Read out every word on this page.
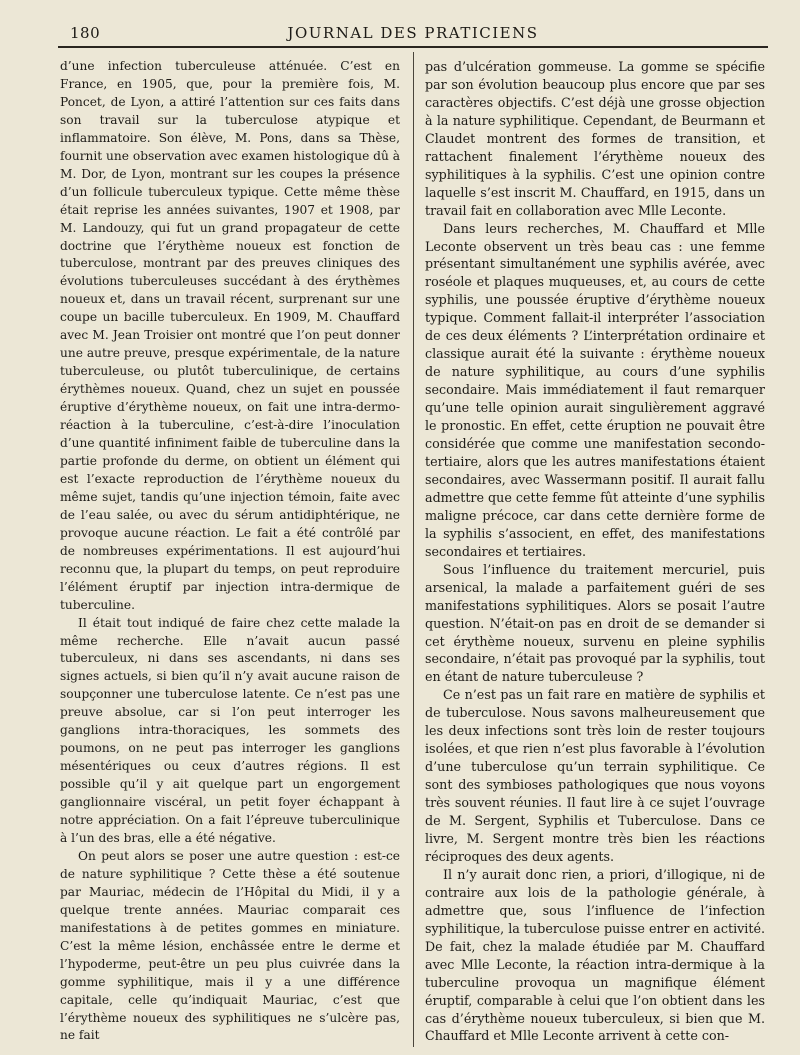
180	JOURNAL DES PRATICIENS

d’une infection tuberculeuse atténuée. C’est en France, en 1905, que, pour la première fois, M. Poncet, de Lyon, a attiré l’attention sur ces faits dans son travail sur la tuberculose atypique et inflammatoire. Son élève, M. Pons, dans sa Thèse, fournit une observation avec examen histologique dû à M. Dor, de Lyon, montrant sur les coupes la présence d’un follicule tuberculeux typique. Cette même thèse était reprise les années suivantes, 1907 et 1908, par M. Landouzy, qui fut un grand propagateur de cette doctrine que l’érythème noueux est fonction de tuberculose, montrant par des preuves cliniques des évolutions tuberculeuses succédant à des érythèmes noueux et, dans un travail récent, surprenant sur une coupe un bacille tuberculeux. En 1909, M. Chauffard avec M. Jean Troisier ont montré que l’on peut donner une autre preuve, presque expérimentale, de la nature tuberculeuse, ou plutôt tuberculinique, de certains érythèmes noueux. Quand, chez un sujet en poussée éruptive d’érythème noueux, on fait une intra-dermo-réaction à la tuberculine, c’est-à-dire l’inoculation d’une quantité infiniment faible de tuberculine dans la partie profonde du derme, on obtient un élément qui est l’exacte reproduction de l’érythème noueux du même sujet, tandis qu’une injection témoin, faite avec de l’eau salée, ou avec du sérum antidiphtérique, ne provoque aucune réaction. Le fait a été contrôlé par de nombreuses expérimentations. Il est aujourd’hui reconnu que, la plupart du temps, on peut reproduire l’élément éruptif par injection intra-dermique de tuberculine.

Il était tout indiqué de faire chez cette malade la même recherche. Elle n’avait aucun passé tuberculeux, ni dans ses ascendants, ni dans ses signes actuels, si bien qu’il n’y avait aucune raison de soupçonner une tuberculose latente. Ce n’est pas une preuve absolue, car si l’on peut interroger les ganglions intra-thoraciques, les sommets des poumons, on ne peut pas interroger les ganglions mésentériques ou ceux d’autres régions. Il est possible qu’il y ait quelque part un engorgement ganglionnaire viscéral, un petit foyer échappant à notre appréciation. On a fait l’épreuve tuberculinique à l’un des bras, elle a été négative.

On peut alors se poser une autre question : est-ce de nature syphilitique ? Cette thèse a été soutenue par Mauriac, médecin de l’Hôpital du Midi, il y a quelque trente années. Mauriac comparait ces manifestations à de petites gommes en miniature. C’est la même lésion, enchâssée entre le derme et l’hypoderme, peut-être un peu plus cuivrée dans la gomme syphilitique, mais il y a une différence capitale, celle qu’indiquait Mauriac, c’est que l’érythème noueux des syphilitiques ne s’ulcère pas, ne fait

pas d’ulcération gommeuse. La gomme se spécifie par son évolution beaucoup plus encore que par ses caractères objectifs. C’est déjà une grosse objection à la nature syphilitique. Cependant, de Beurmann et Claudet montrent des formes de transition, et rattachent finalement l’érythème noueux des syphilitiques à la syphilis. C’est une opinion contre laquelle s’est inscrit M. Chauffard, en 1915, dans un travail fait en collaboration avec Mlle Leconte.

Dans leurs recherches, M. Chauffard et Mlle Leconte observent un très beau cas : une femme présentant simultanément une syphilis avérée, avec roséole et plaques muqueuses, et, au cours de cette syphilis, une poussée éruptive d’érythème noueux typique. Comment fallait-il interpréter l’association de ces deux éléments ? L’interprétation ordinaire et classique aurait été la suivante : érythème noueux de nature syphilitique, au cours d’une syphilis secondaire. Mais immédiatement il faut remarquer qu’une telle opinion aurait singulièrement aggravé le pronostic. En effet, cette éruption ne pouvait être considérée que comme une manifestation secondo-tertiaire, alors que les autres manifestations étaient secondaires, avec Wassermann positif. Il aurait fallu admettre que cette femme fût atteinte d’une syphilis maligne précoce, car dans cette dernière forme de la syphilis s’associent, en effet, des manifestations secondaires et tertiaires.

Sous l’influence du traitement mercuriel, puis arsenical, la malade a parfaitement guéri de ses manifestations syphilitiques. Alors se posait l’autre question. N’était-on pas en droit de se demander si cet érythème noueux, survenu en pleine syphilis secondaire, n’était pas provoqué par la syphilis, tout en étant de nature tuberculeuse ?

Ce n’est pas un fait rare en matière de syphilis et de tuberculose. Nous savons malheureusement que les deux infections sont très loin de rester toujours isolées, et que rien n’est plus favorable à l’évolution d’une tuberculose qu’un terrain syphilitique. Ce sont des symbioses pathologiques que nous voyons très souvent réunies. Il faut lire à ce sujet l’ouvrage de M. Sergent, Syphilis et Tuberculose. Dans ce livre, M. Sergent montre très bien les réactions réciproques des deux agents.

Il n’y aurait donc rien, a priori, d’illogique, ni de contraire aux lois de la pathologie générale, à admettre que, sous l’influence de l’infection syphilitique, la tuberculose puisse entrer en activité. De fait, chez la malade étudiée par M. Chauffard avec Mlle Leconte, la réaction intra-dermique à la tuberculine provoqua un magnifique élément éruptif, comparable à celui que l’on obtient dans les cas d’érythème noueux tuberculeux, si bien que M. Chauffard et Mlle Leconte arrivent à cette con-
